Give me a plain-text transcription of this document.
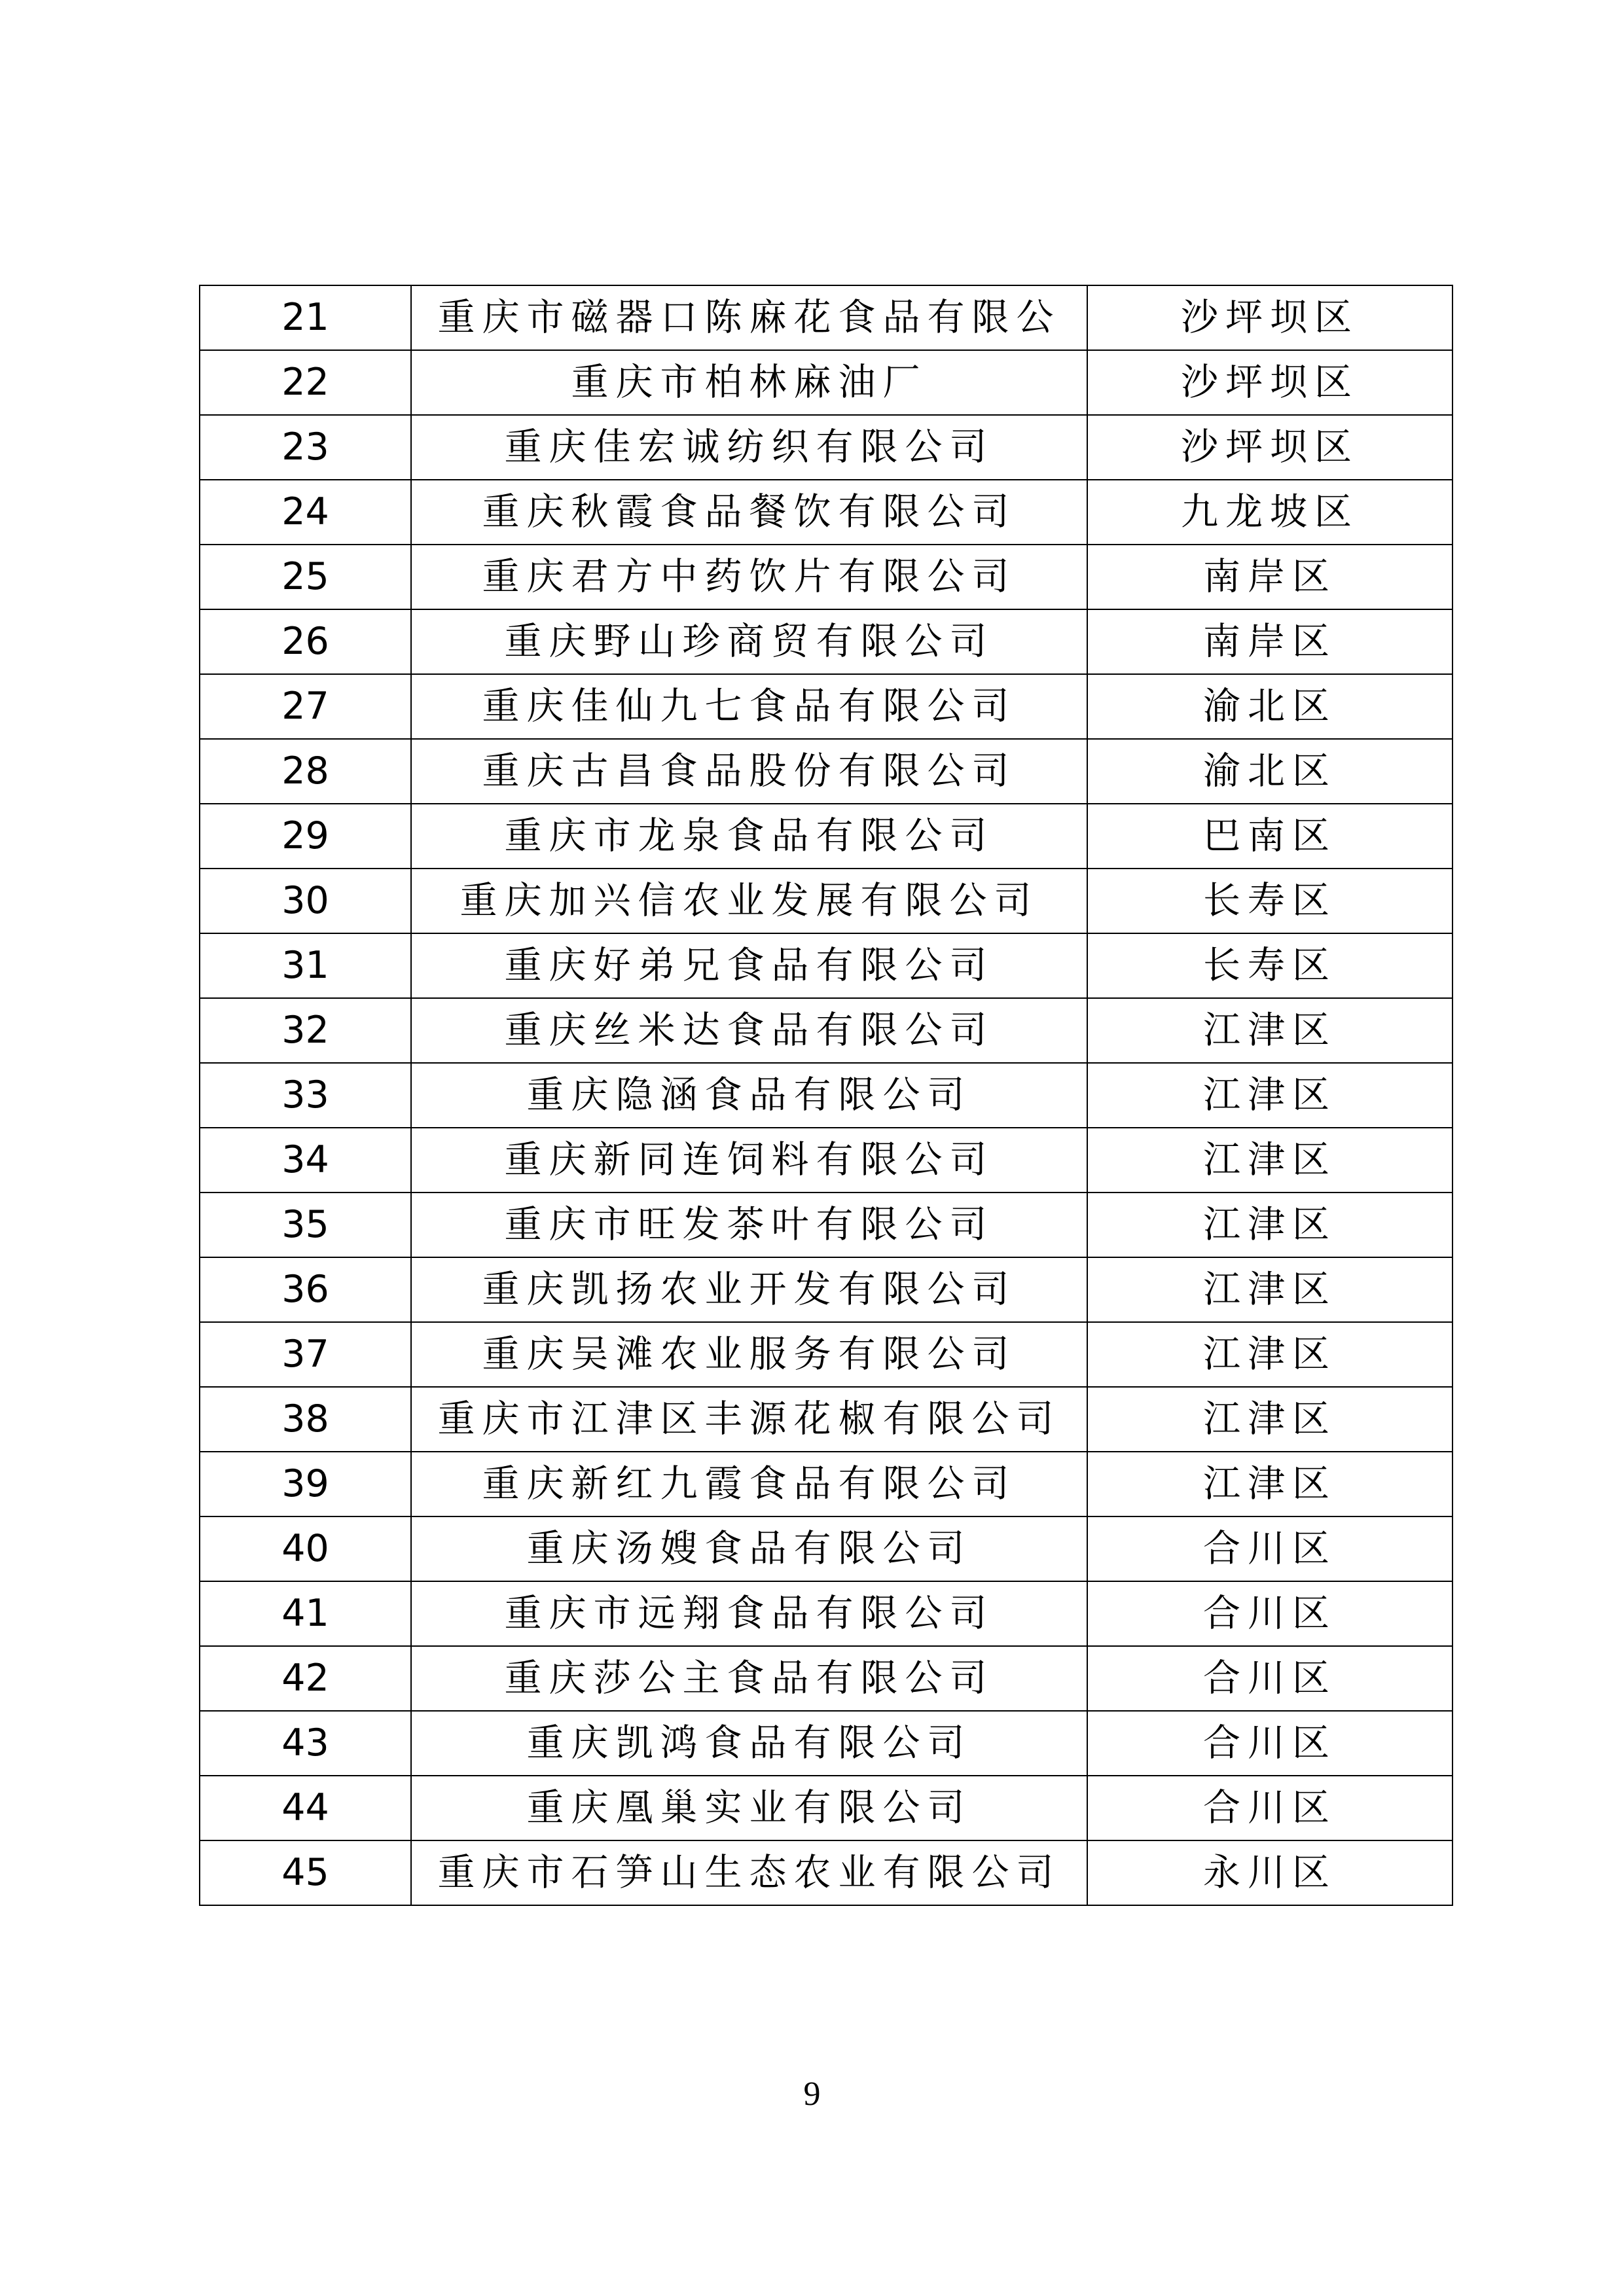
21	重庆市磁器口陈麻花食品有限公	沙坪坝区
22	重庆市柏林麻油厂	沙坪坝区
23	重庆佳宏诚纺织有限公司	沙坪坝区
24	重庆秋霞食品餐饮有限公司	九龙坡区
25	重庆君方中药饮片有限公司	南岸区
26	重庆野山珍商贸有限公司	南岸区
27	重庆佳仙九七食品有限公司	渝北区
28	重庆古昌食品股份有限公司	渝北区
29	重庆市龙泉食品有限公司	巴南区
30	重庆加兴信农业发展有限公司	长寿区
31	重庆好弟兄食品有限公司	长寿区
32	重庆丝米达食品有限公司	江津区
33	重庆隐涵食品有限公司	江津区
34	重庆新同连饲料有限公司	江津区
35	重庆市旺发茶叶有限公司	江津区
36	重庆凯扬农业开发有限公司	江津区
37	重庆吴滩农业服务有限公司	江津区
38	重庆市江津区丰源花椒有限公司	江津区
39	重庆新红九霞食品有限公司	江津区
40	重庆汤嫂食品有限公司	合川区
41	重庆市远翔食品有限公司	合川区
42	重庆莎公主食品有限公司	合川区
43	重庆凯鸿食品有限公司	合川区
44	重庆凰巢实业有限公司	合川区
45	重庆市石笋山生态农业有限公司	永川区
9
